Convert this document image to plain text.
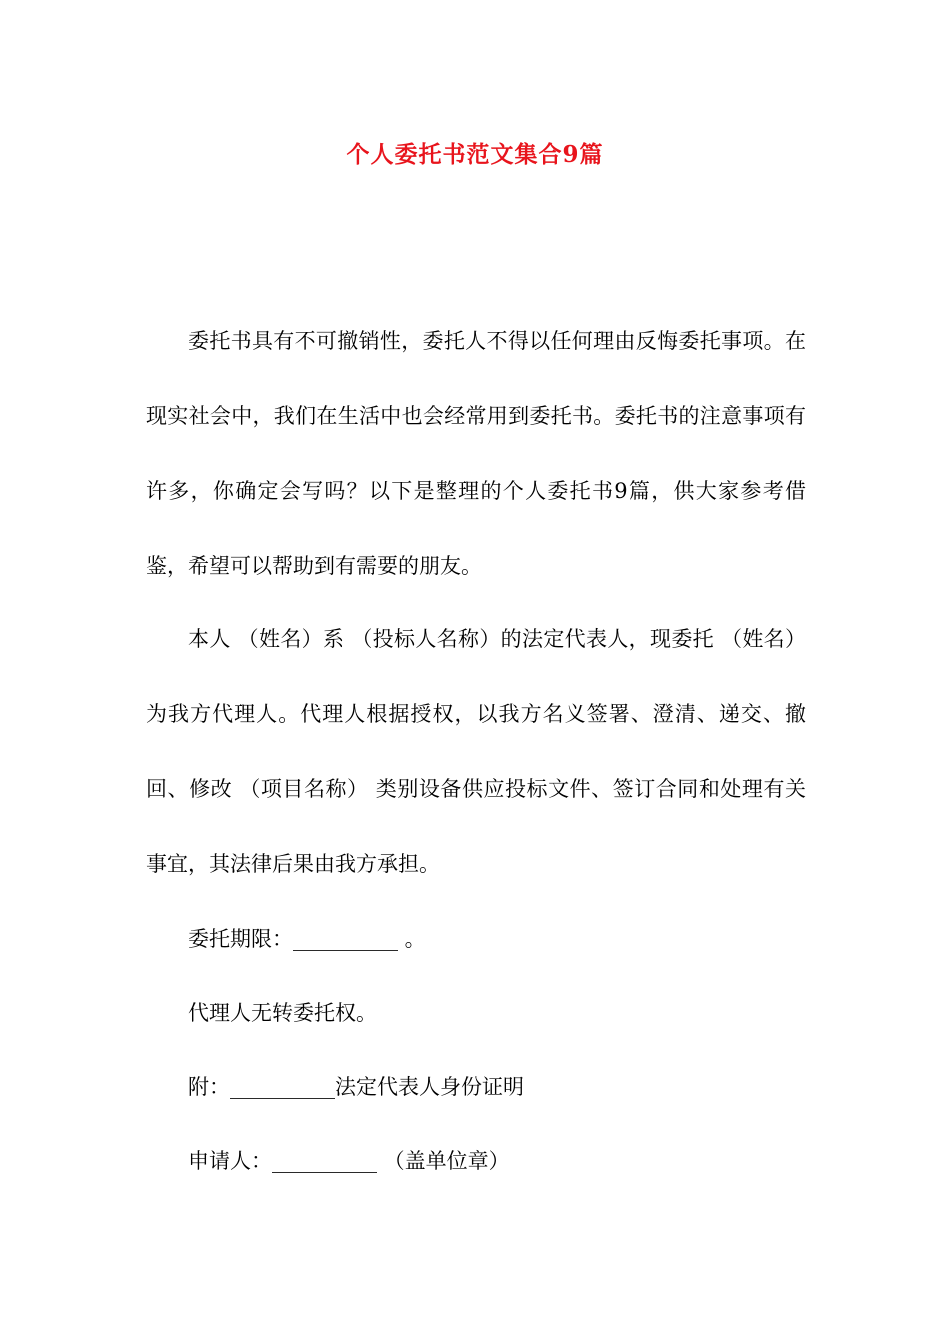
个人委托书范文集合9篇

委托书具有不可撤销性，委托人不得以任何理由反悔委托事项。在现实社会中，我们在生活中也会经常用到委托书。委托书的注意事项有许多，你确定会写吗？以下是整理的个人委托书9篇，供大家参考借鉴，希望可以帮助到有需要的朋友。

本人 （姓名）系 （投标人名称）的法定代表人，现委托 （姓名）为我方代理人。代理人根据授权，以我方名义签署、澄清、递交、撤回、修改 （项目名称） 类别设备供应投标文件、签订合同和处理有关事宜，其法律后果由我方承担。

委托期限：__________ 。

代理人无转委托权。

附：__________法定代表人身份证明

申请人：__________ （盖单位章）
